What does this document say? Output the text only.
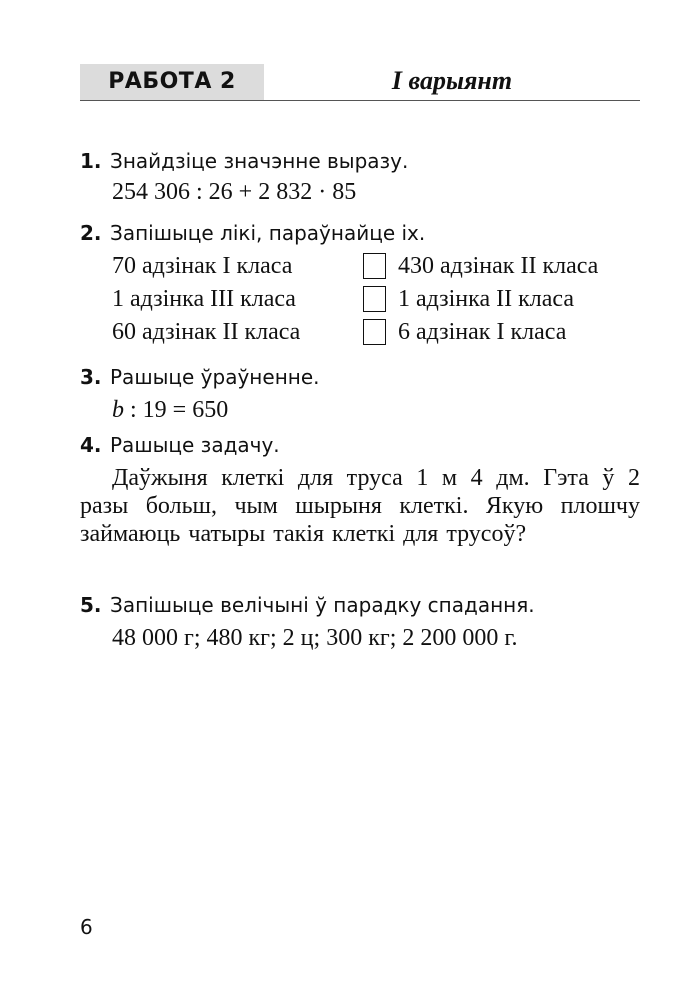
РАБОТА 2	І варыянт
1. Знайдзіце значэнне выразу.
254 306 : 26 + 2 832 · 85
2. Запішыце лікі, параўнайце іх.
70 адзінак I класа	430 адзінак II класа
1 адзінка III класа	1 адзінка II класа
60 адзінак II класа	6 адзінак I класа
3. Рашыце ўраўненне.
b : 19 = 650
4. Рашыце задачу.

Даўжыня клеткі для труса 1 м 4 дм. Гэта ў 2 разы больш, чым шырыня клеткі. Якую плошчу займаюць чатыры такія клеткі для трусоў?

5. Запішыце велічыні ў парадку спадання.
48 000 г; 480 кг; 2 ц; 300 кг; 2 200 000 г.
6
